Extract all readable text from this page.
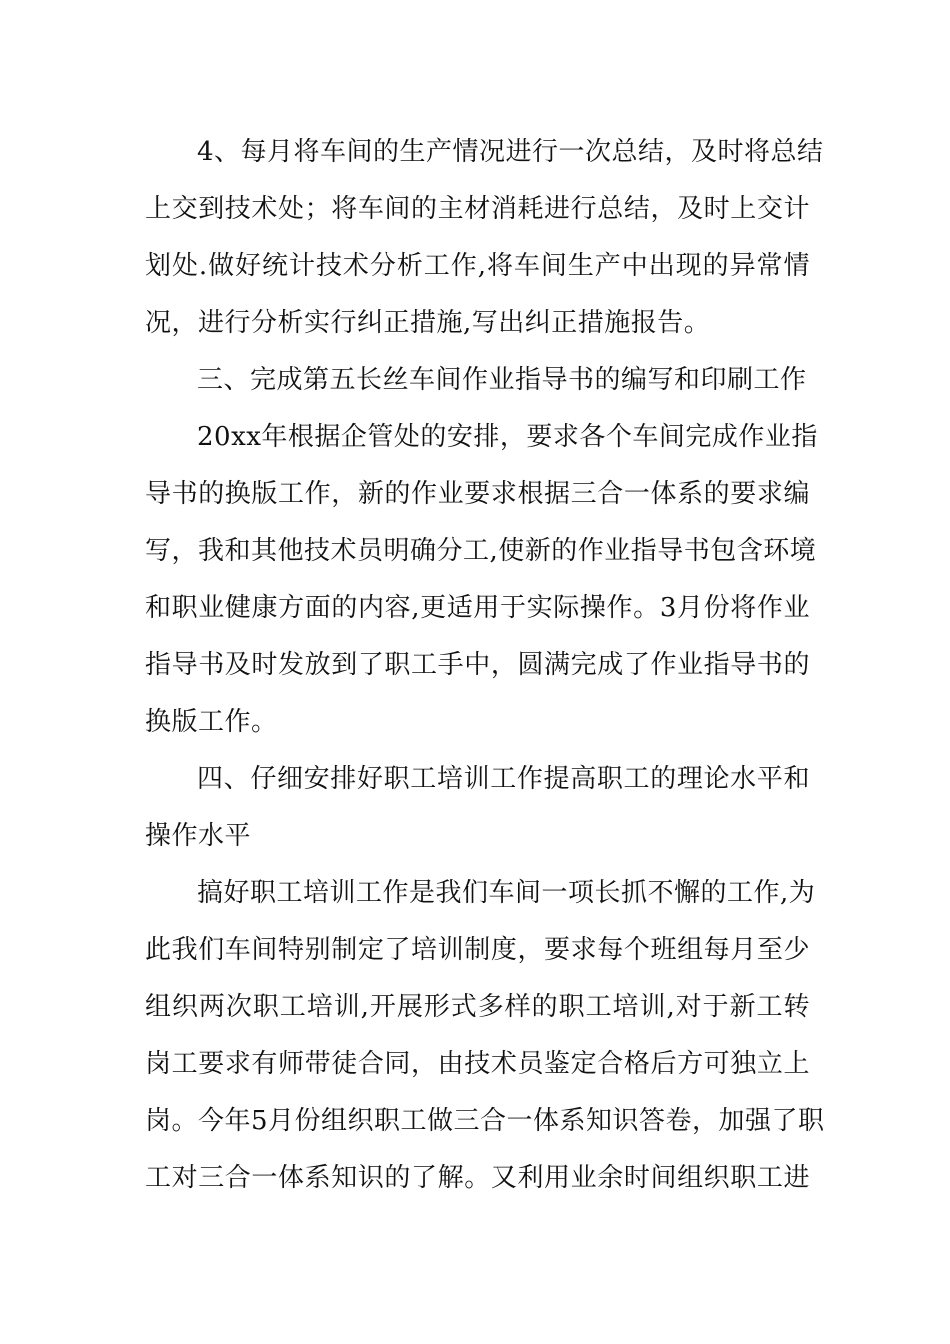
4、每月将车间的生产情况进行一次总结，及时将总结
上交到技术处；将车间的主材消耗进行总结，及时上交计
划处.做好统计技术分析工作,将车间生产中出现的异常情
况，进行分析实行纠正措施,写出纠正措施报告。
三、完成第五长丝车间作业指导书的编写和印刷工作
20xx年根据企管处的安排，要求各个车间完成作业指
导书的换版工作，新的作业要求根据三合一体系的要求编
写，我和其他技术员明确分工,使新的作业指导书包含环境
和职业健康方面的内容,更适用于实际操作。3月份将作业
指导书及时发放到了职工手中，圆满完成了作业指导书的
换版工作。
四、仔细安排好职工培训工作提高职工的理论水平和
操作水平
搞好职工培训工作是我们车间一项长抓不懈的工作,为
此我们车间特别制定了培训制度，要求每个班组每月至少
组织两次职工培训,开展形式多样的职工培训,对于新工转
岗工要求有师带徒合同，由技术员鉴定合格后方可独立上
岗。今年5月份组织职工做三合一体系知识答卷，加强了职
工对三合一体系知识的了解。又利用业余时间组织职工进
